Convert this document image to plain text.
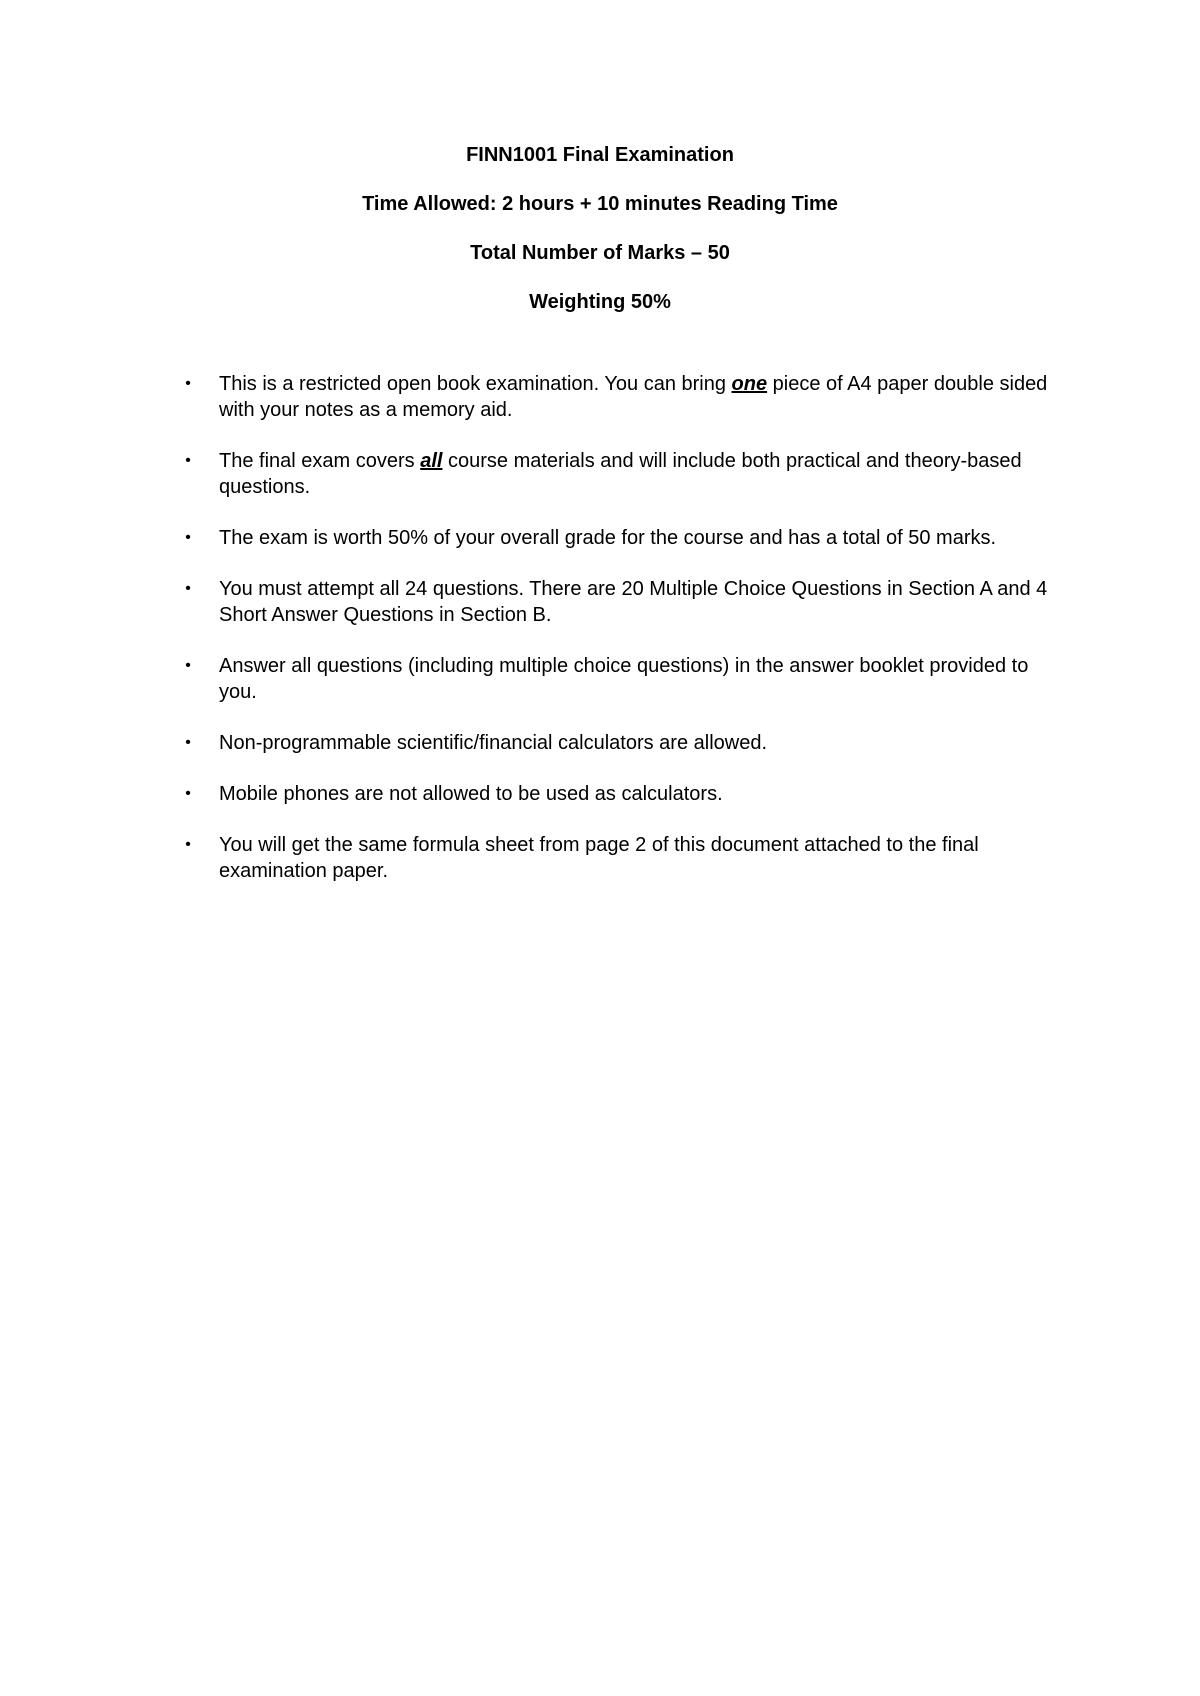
FINN1001 Final Examination
Time Allowed: 2 hours + 10 minutes Reading Time
Total Number of Marks – 50
Weighting 50%
• This is a restricted open book examination. You can bring one piece of A4 paper double sided with your notes as a memory aid.
• The final exam covers all course materials and will include both practical and theory-based questions.
• The exam is worth 50% of your overall grade for the course and has a total of 50 marks.
• You must attempt all 24 questions. There are 20 Multiple Choice Questions in Section A and 4 Short Answer Questions in Section B.
• Answer all questions (including multiple choice questions) in the answer booklet provided to you.
• Non-programmable scientific/financial calculators are allowed.
• Mobile phones are not allowed to be used as calculators.
• You will get the same formula sheet from page 2 of this document attached to the final examination paper.
